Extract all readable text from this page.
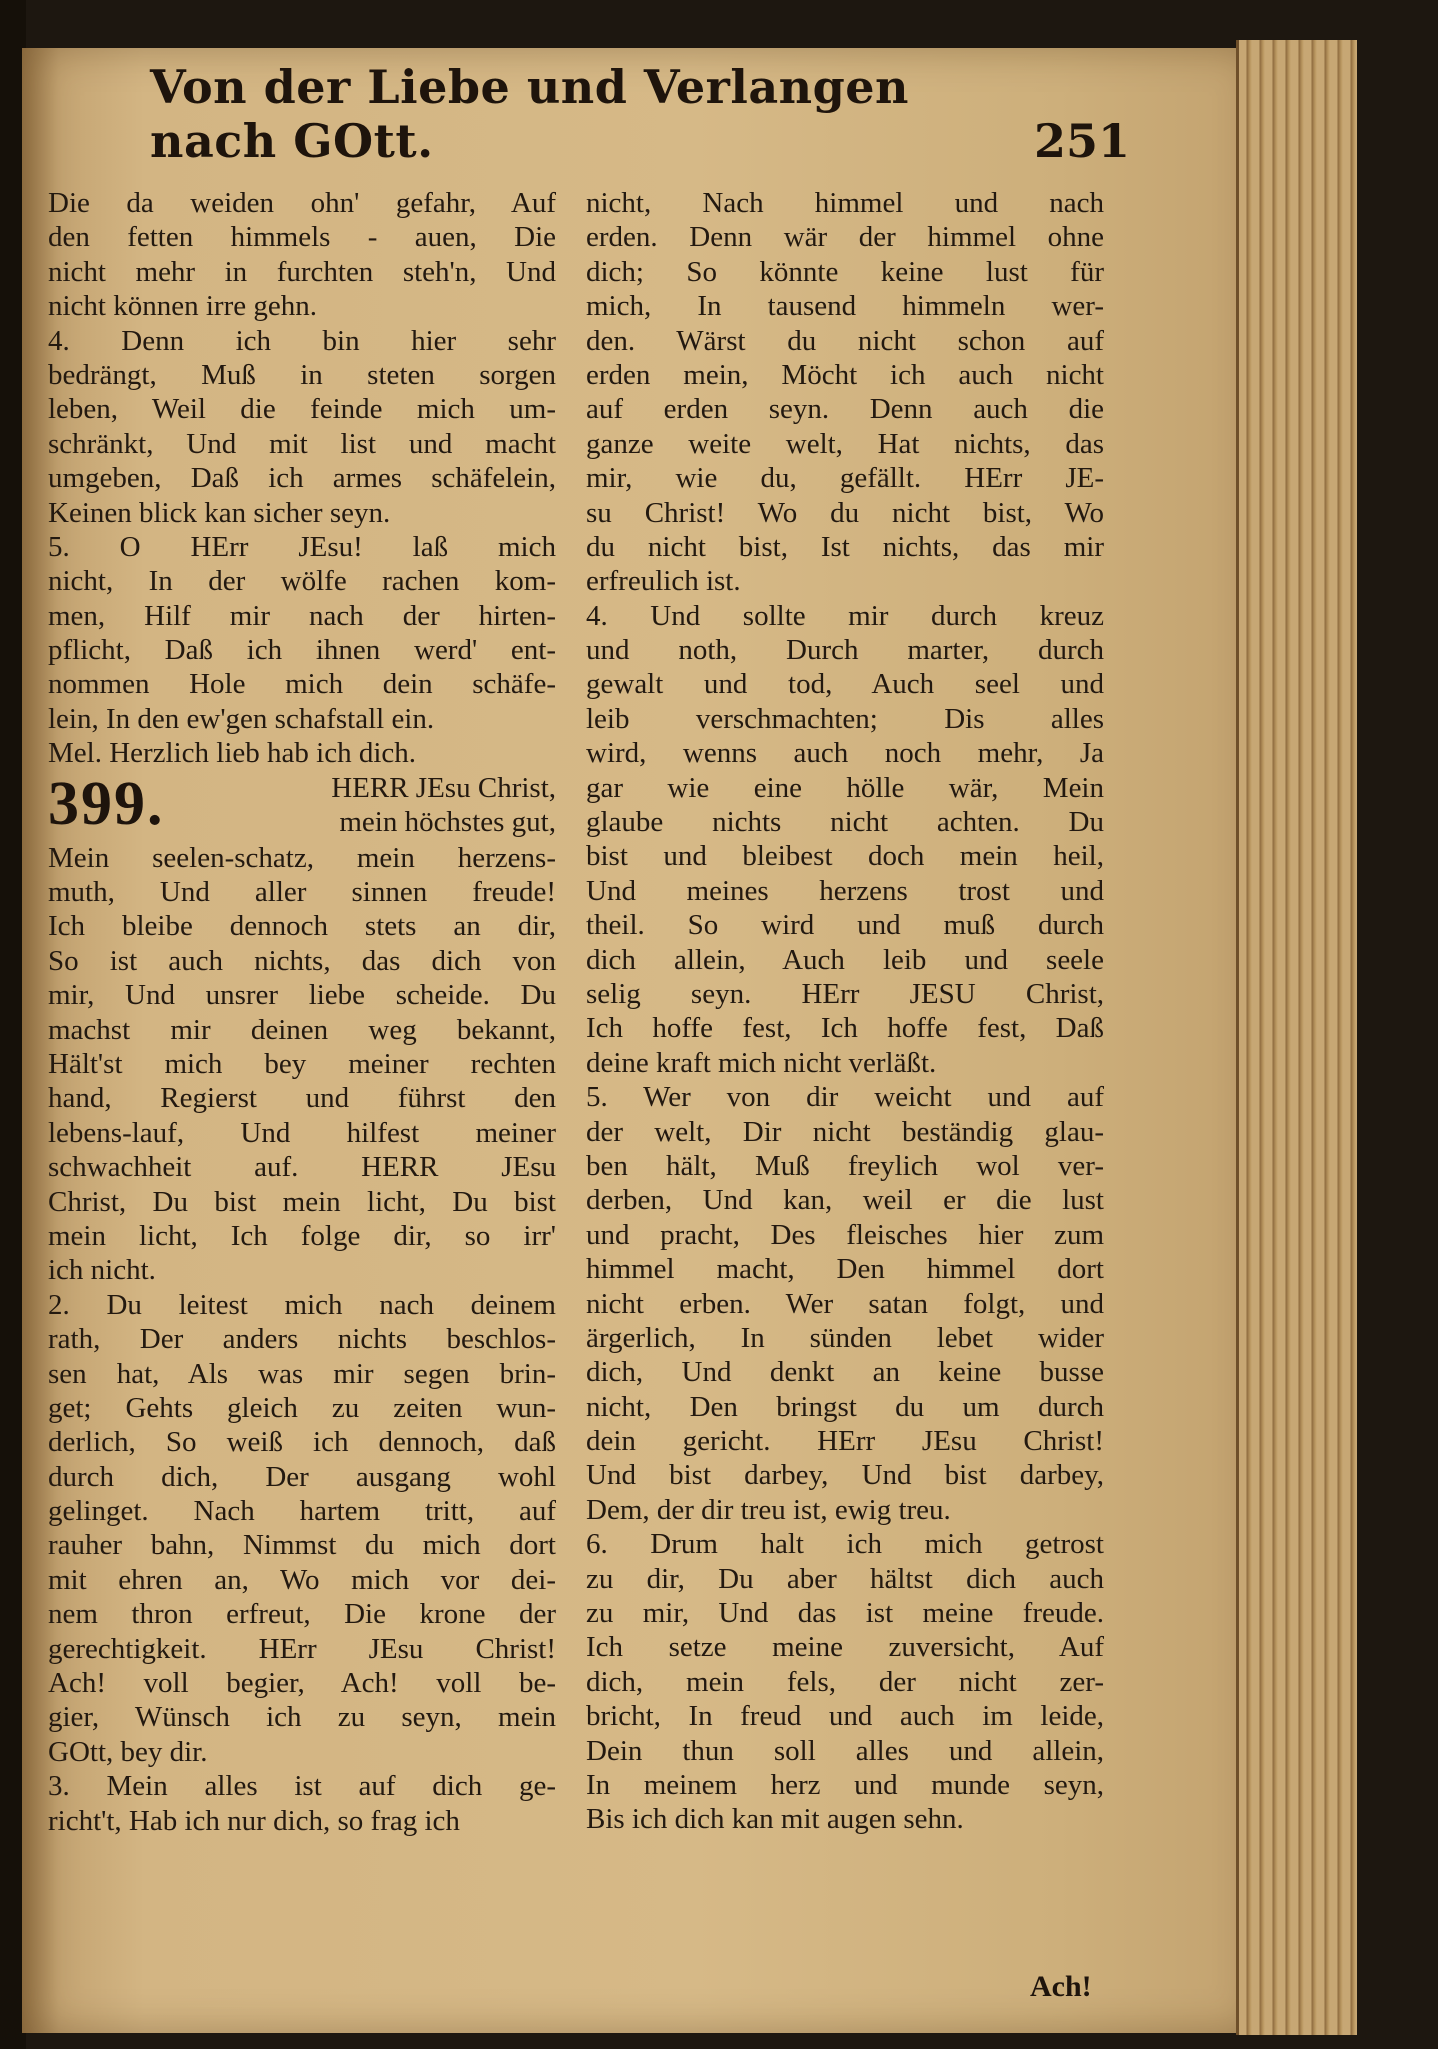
Von der Liebe und Verlangen nach GOtt.	251
Die da weiden ohn' gefahr, Auf
den fetten himmels - auen, Die
nicht mehr in furchten steh'n, Und
nicht können irre gehn.
4. Denn ich bin hier sehr
bedrängt, Muß in steten sorgen
leben, Weil die feinde mich um-
schränkt, Und mit list und macht
umgeben, Daß ich armes schäfelein,
Keinen blick kan sicher seyn.
5. O HErr JEsu! laß mich
nicht, In der wölfe rachen kom-
men, Hilf mir nach der hirten-
pflicht, Daß ich ihnen werd' ent-
nommen Hole mich dein schäfe-
lein, In den ew'gen schafstall ein.
Mel. Herzlich lieb hab ich dich.
399.	HERR JEsu Christ,
mein höchstes gut,
Mein seelen-schatz, mein herzens-
muth, Und aller sinnen freude!
Ich bleibe dennoch stets an dir,
So ist auch nichts, das dich von
mir, Und unsrer liebe scheide. Du
machst mir deinen weg bekannt,
Hält'st mich bey meiner rechten
hand, Regierst und führst den
lebens-lauf, Und hilfest meiner
schwachheit auf. HERR JEsu
Christ, Du bist mein licht, Du bist
mein licht, Ich folge dir, so irr'
ich nicht.
2. Du leitest mich nach deinem
rath, Der anders nichts beschlos-
sen hat, Als was mir segen brin-
get; Gehts gleich zu zeiten wun-
derlich, So weiß ich dennoch, daß
durch dich, Der ausgang wohl
gelinget. Nach hartem tritt, auf
rauher bahn, Nimmst du mich dort
mit ehren an, Wo mich vor dei-
nem thron erfreut, Die krone der
gerechtigkeit. HErr JEsu Christ!
Ach! voll begier, Ach! voll be-
gier, Wünsch ich zu seyn, mein
GOtt, bey dir.
3. Mein alles ist auf dich ge-
richt't, Hab ich nur dich, so frag ich
nicht, Nach himmel und nach
erden. Denn wär der himmel ohne
dich; So könnte keine lust für
mich, In tausend himmeln wer-
den. Wärst du nicht schon auf
erden mein, Möcht ich auch nicht
auf erden seyn. Denn auch die
ganze weite welt, Hat nichts, das
mir, wie du, gefällt. HErr JE-
su Christ! Wo du nicht bist, Wo
du nicht bist, Ist nichts, das mir
erfreulich ist.
4. Und sollte mir durch kreuz
und noth, Durch marter, durch
gewalt und tod, Auch seel und
leib verschmachten; Dis alles
wird, wenns auch noch mehr, Ja
gar wie eine hölle wär, Mein
glaube nichts nicht achten. Du
bist und bleibest doch mein heil,
Und meines herzens trost und
theil. So wird und muß durch
dich allein, Auch leib und seele
selig seyn. HErr JESU Christ,
Ich hoffe fest, Ich hoffe fest, Daß
deine kraft mich nicht verläßt.
5. Wer von dir weicht und auf
der welt, Dir nicht beständig glau-
ben hält, Muß freylich wol ver-
derben, Und kan, weil er die lust
und pracht, Des fleisches hier zum
himmel macht, Den himmel dort
nicht erben. Wer satan folgt, und
ärgerlich, In sünden lebet wider
dich, Und denkt an keine busse
nicht, Den bringst du um durch
dein gericht. HErr JEsu Christ!
Und bist darbey, Und bist darbey,
Dem, der dir treu ist, ewig treu.
6. Drum halt ich mich getrost
zu dir, Du aber hältst dich auch
zu mir, Und das ist meine freude.
Ich setze meine zuversicht, Auf
dich, mein fels, der nicht zer-
bricht, In freud und auch im leide,
Dein thun soll alles und allein,
In meinem herz und munde seyn,
Bis ich dich kan mit augen sehn.
Ach!
